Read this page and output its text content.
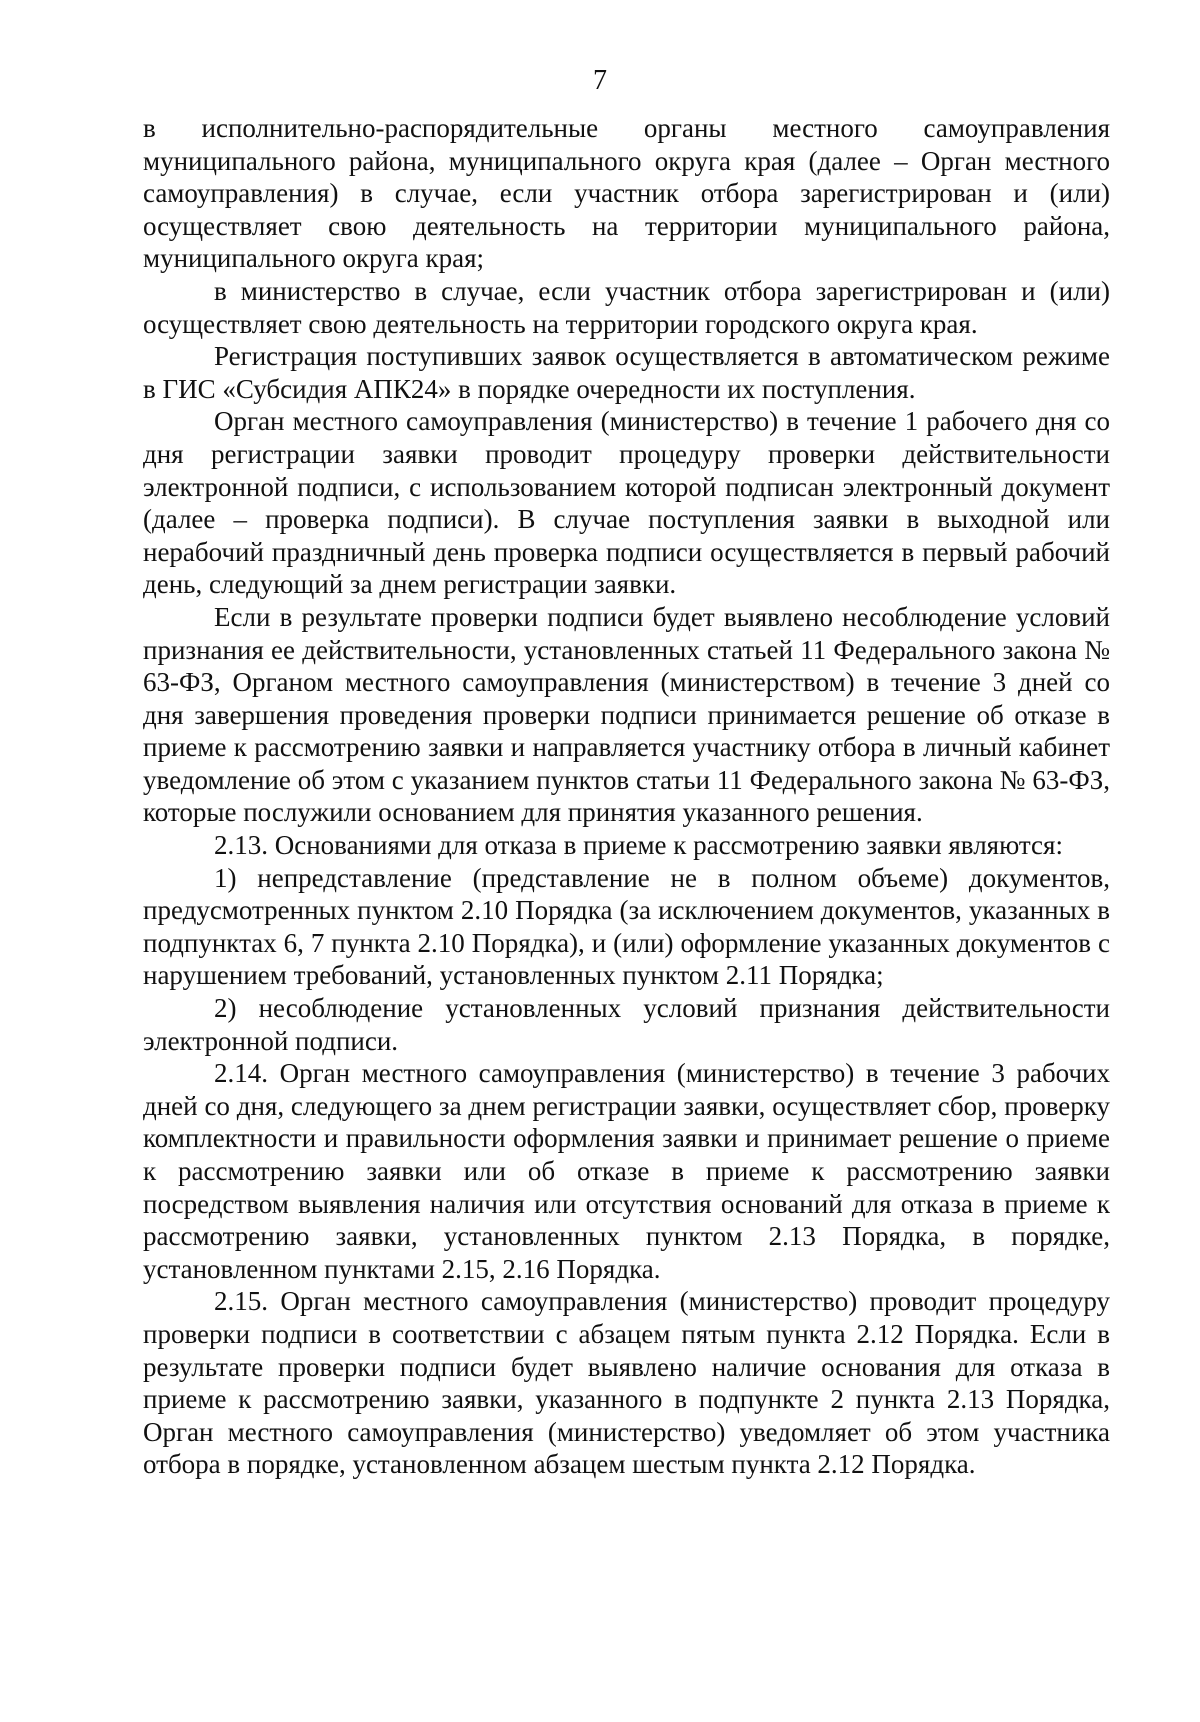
7

в исполнительно-распорядительные органы местного самоуправления муниципального района, муниципального округа края (далее – Орган местного самоуправления) в случае, если участник отбора зарегистрирован и (или) осуществляет свою деятельность на территории муниципального района, муниципального округа края;

в министерство в случае, если участник отбора зарегистрирован и (или) осуществляет свою деятельность на территории городского округа края.

Регистрация поступивших заявок осуществляется в автоматическом режиме в ГИС «Субсидия АПК24» в порядке очередности их поступления.

Орган местного самоуправления (министерство) в течение 1 рабочего дня со дня регистрации заявки проводит процедуру проверки действительности электронной подписи, с использованием которой подписан электронный документ (далее – проверка подписи). В случае поступления заявки в выходной или нерабочий праздничный день проверка подписи осуществляется в первый рабочий день, следующий за днем регистрации заявки.

Если в результате проверки подписи будет выявлено несоблюдение условий признания ее действительности, установленных статьей 11 Федерального закона № 63-ФЗ, Органом местного самоуправления (министерством) в течение 3 дней со дня завершения проведения проверки подписи принимается решение об отказе в приеме к рассмотрению заявки и направляется участнику отбора в личный кабинет уведомление об этом с указанием пунктов статьи 11 Федерального закона № 63-ФЗ, которые послужили основанием для принятия указанного решения.

2.13. Основаниями для отказа в приеме к рассмотрению заявки являются:

1) непредставление (представление не в полном объеме) документов, предусмотренных пунктом 2.10 Порядка (за исключением документов, указанных в подпунктах 6, 7 пункта 2.10 Порядка), и (или) оформление указанных документов с нарушением требований, установленных пунктом 2.11 Порядка;

2) несоблюдение установленных условий признания действительности электронной подписи.

2.14. Орган местного самоуправления (министерство) в течение 3 рабочих дней со дня, следующего за днем регистрации заявки, осуществляет сбор, проверку комплектности и правильности оформления заявки и принимает решение о приеме к рассмотрению заявки или об отказе в приеме к рассмотрению заявки посредством выявления наличия или отсутствия оснований для отказа в приеме к рассмотрению заявки, установленных пунктом 2.13 Порядка, в порядке, установленном пунктами 2.15, 2.16 Порядка.

2.15. Орган местного самоуправления (министерство) проводит процедуру проверки подписи в соответствии с абзацем пятым пункта 2.12 Порядка. Если в результате проверки подписи будет выявлено наличие основания для отказа в приеме к рассмотрению заявки, указанного в подпункте 2 пункта 2.13 Порядка, Орган местного самоуправления (министерство) уведомляет об этом участника отбора в порядке, установленном абзацем шестым пункта 2.12 Порядка.
